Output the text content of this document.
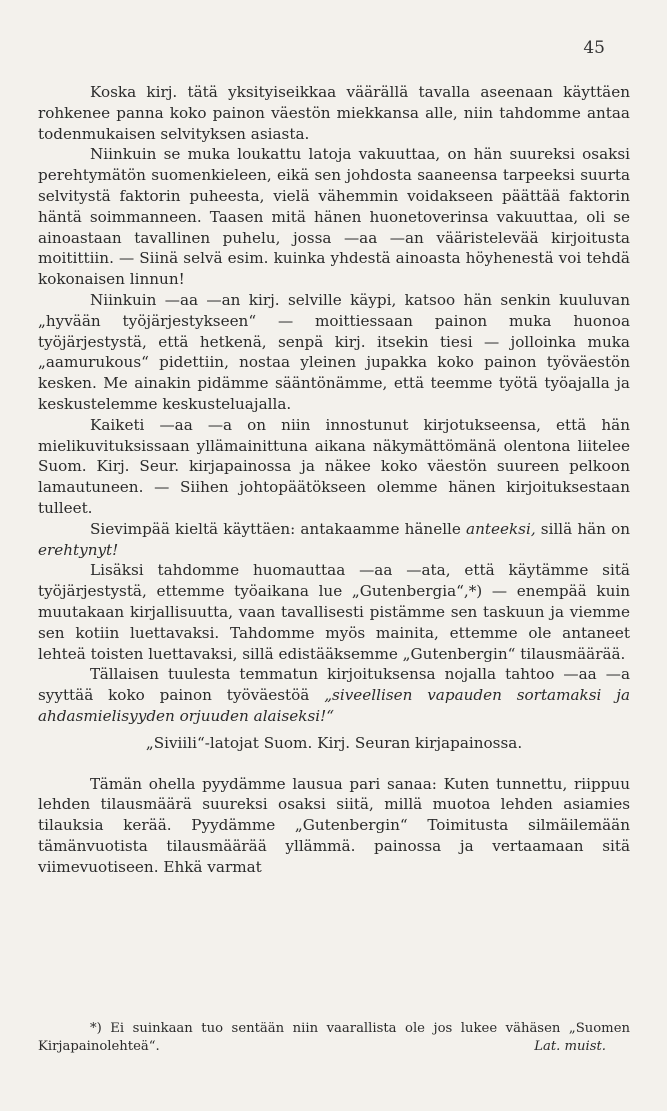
45

Koska kirj. tätä yksityiseikkaa väärällä tavalla aseenaan käyttäen rohkenee panna koko painon väestön miekkansa alle, niin tahdomme antaa todenmukaisen selvityksen asiasta.

Niinkuin se muka loukattu latoja vakuuttaa, on hän suureksi osaksi perehtymätön suomenkieleen, eikä sen johdosta saaneensa tarpeeksi suurta selvitystä faktorin puheesta, vielä vähemmin voidakseen päättää faktorin häntä soimmanneen. Taasen mitä hänen huonetoverinsa vakuuttaa, oli se ainoastaan tavallinen puhelu, jossa —aa —an vääristelevää kirjoitusta moitittiin. — Siinä selvä esim. kuinka yhdestä ainoasta höyhenestä voi tehdä kokonaisen linnun!

Niinkuin —aa —an kirj. selville käypi, katsoo hän senkin kuuluvan „hyvään työjärjestykseen“ — moittiessaan painon muka huonoa työjärjestystä, että hetkenä, senpä kirj. itsekin tiesi — jolloinka muka „aamurukous“ pidettiin, nostaa yleinen jupakka koko painon työväestön kesken. Me ainakin pidämme sääntönämme, että teemme työtä työajalla ja keskustelemme keskusteluajalla.

Kaiketi —aa —a on niin innostunut kirjotukseensa, että hän mielikuvituksissaan yllämainittuna aikana näkymättömänä olentona liitelee Suom. Kirj. Seur. kirjapainossa ja näkee koko väestön suureen pelkoon lamautuneen. — Siihen johtopäätökseen olemme hänen kirjoituksestaan tulleet.

Sievimpää kieltä käyttäen: antakaamme hänelle anteeksi, sillä hän on erehtynyt!

Lisäksi tahdomme huomauttaa —aa —ata, että käytämme sitä työjärjestystä, ettemme työaikana lue „Gutenbergia“,*) — enempää kuin muutakaan kirjallisuutta, vaan tavallisesti pistämme sen taskuun ja viemme sen kotiin luettavaksi. Tahdomme myös mainita, ettemme ole antaneet lehteä toisten luettavaksi, sillä edistääksemme „Gutenbergin“ tilausmäärää.

Tällaisen tuulesta temmatun kirjoituksensa nojalla tahtoo —aa —a syyttää koko painon työväestöä „siveellisen vapauden sortamaksi ja ahdasmielisyyden orjuuden alaiseksi!“

„Siviili“-latojat Suom. Kirj. Seuran kirjapainossa.

Tämän ohella pyydämme lausua pari sanaa: Kuten tunnettu, riippuu lehden tilausmäärä suureksi osaksi siitä, millä muotoa lehden asiamies tilauksia kerää. Pyydämme „Gutenbergin“ Toimitusta silmäilemään tämänvuotista tilausmäärää yllämmä. painossa ja vertaamaan sitä viimevuotiseen. Ehkä varmat

*) Ei suinkaan tuo sentään niin vaarallista ole jos lukee vähäsen „Suomen Kirjapainolehteä“.	Lat. muist.
